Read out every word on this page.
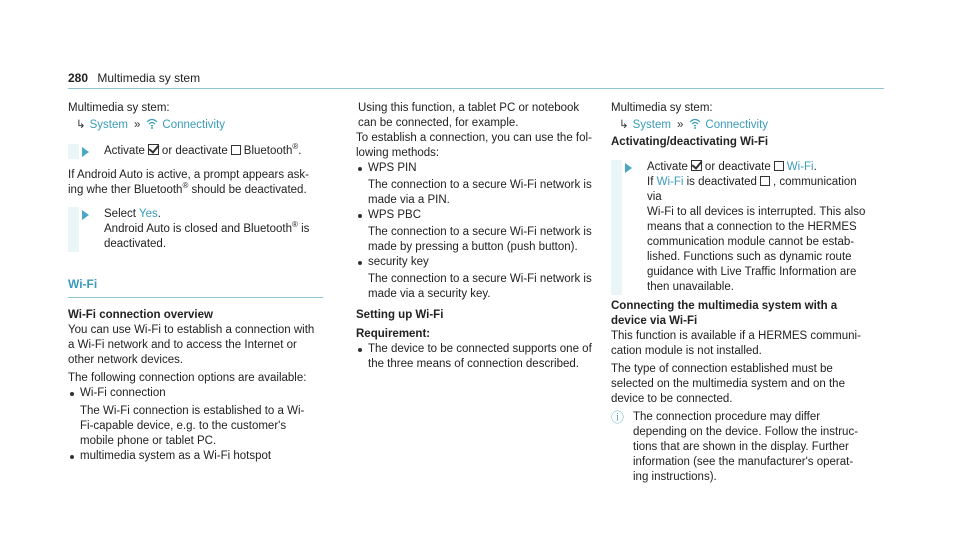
280 Multimedia sy stem

Multimedia sy stem:

↳ System » Connectivity

Activate or deactivate Bluetooth®.

If Android Auto is active, a prompt appears ask-

ing whe ther Bluetooth® should be deactivated.

Select Yes.

Android Auto is closed and Bluetooth® is

deactivated.

Wi-Fi
Wi-Fi connection overview

You can use Wi-Fi to establish a connection with

a Wi-Fi network and to access the Internet or

other network devices.

The following connection options are available:

Wi-Fi connection

The Wi-Fi connection is established to a Wi-

Fi-capable device, e.g. to the customer's

mobile phone or tablet PC.

multimedia system as a Wi-Fi hotspot

Using this function, a tablet PC or notebook

can be connected, for example.

To establish a connection, you can use the fol-

lowing methods:

WPS PIN

The connection to a secure Wi-Fi network is

made via a PIN.

WPS PBC

The connection to a secure Wi-Fi network is

made by pressing a button (push button).

security key

The connection to a secure Wi-Fi network is

made via a security key.

Setting up Wi-Fi
Requirement:

The device to be connected supports one of

the three means of connection described.

Multimedia sy stem:

↳ System » Connectivity

Activating/deactivating Wi-Fi

Activate or deactivate Wi-Fi.

If Wi-Fi is deactivated , communication via

Wi-Fi to all devices is interrupted. This also

means that a connection to the HERMES

communication module cannot be estab-

lished. Functions such as dynamic route

guidance with Live Traffic Information are

then unavailable.

Connecting the multimedia system with a
device via Wi-Fi

This function is available if a HERMES communi-

cation module is not installed.

The type of connection established must be

selected on the multimedia system and on the

device to be connected.

ⓘ The connection procedure may differ

depending on the device. Follow the instruc-

tions that are shown in the display. Further

information (see the manufacturer's operat-

ing instructions).
